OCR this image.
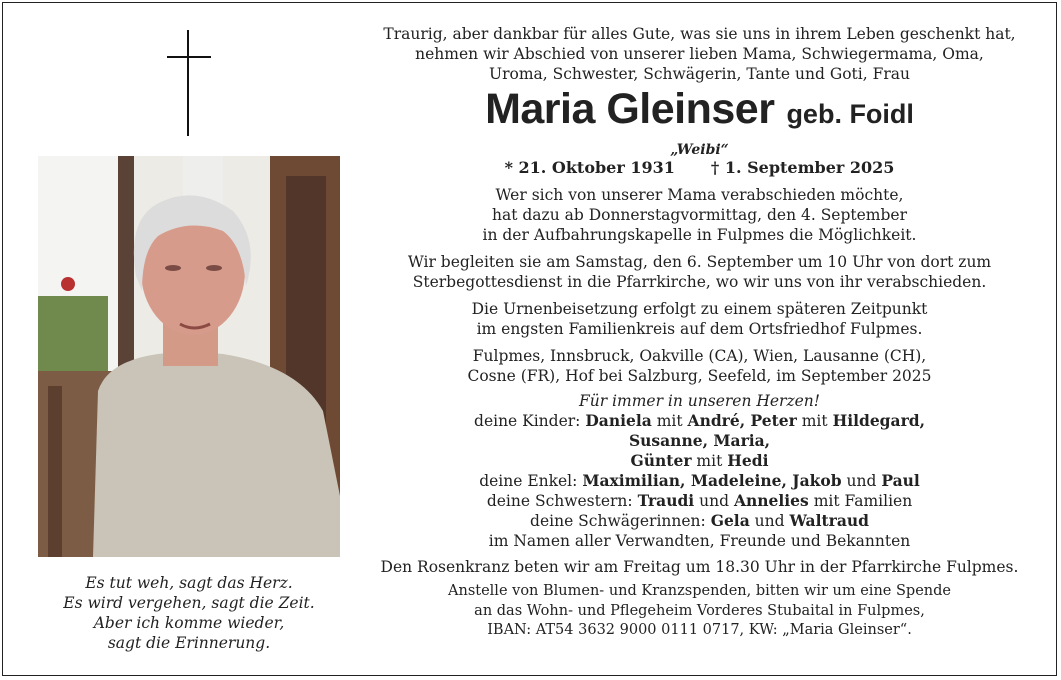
Es tut weh, sagt das Herz.
Es wird vergehen, sagt die Zeit.
Aber ich komme wieder,
sagt die Erinnerung.

Traurig, aber dankbar für alles Gute, was sie uns in ihrem Leben geschenkt hat,

nehmen wir Abschied von unserer lieben Mama, Schwiegermama, Oma,

Uroma, Schwester, Schwägerin, Tante und Goti, Frau

Maria Gleinser geb. Foidl

„Weibi“

* 21. Oktober 1931 † 1. September 2025

Wer sich von unserer Mama verabschieden möchte,

hat dazu ab Donnerstagvormittag, den 4. September

in der Aufbahrungskapelle in Fulpmes die Möglichkeit.

Wir begleiten sie am Samstag, den 6. September um 10 Uhr von dort zum

Sterbegottesdienst in die Pfarrkirche, wo wir uns von ihr verabschieden.

Die Urnenbeisetzung erfolgt zu einem späteren Zeitpunkt

im engsten Familienkreis auf dem Ortsfriedhof Fulpmes.

Fulpmes, Innsbruck, Oakville (CA), Wien, Lausanne (CH),

Cosne (FR), Hof bei Salzburg, Seefeld, im September 2025

Für immer in unseren Herzen!

deine Kinder: Daniela mit André, Peter mit Hildegard,

Susanne, Maria,

Günter mit Hedi

deine Enkel: Maximilian, Madeleine, Jakob und Paul

deine Schwestern: Traudi und Annelies mit Familien

deine Schwägerinnen: Gela und Waltraud

im Namen aller Verwandten, Freunde und Bekannten

Den Rosenkranz beten wir am Freitag um 18.30 Uhr in der Pfarrkirche Fulpmes.

Anstelle von Blumen- und Kranzspenden, bitten wir um eine Spende

an das Wohn- und Pflegeheim Vorderes Stubaital in Fulpmes,

IBAN: AT54 3632 9000 0111 0717, KW: „Maria Gleinser“.
